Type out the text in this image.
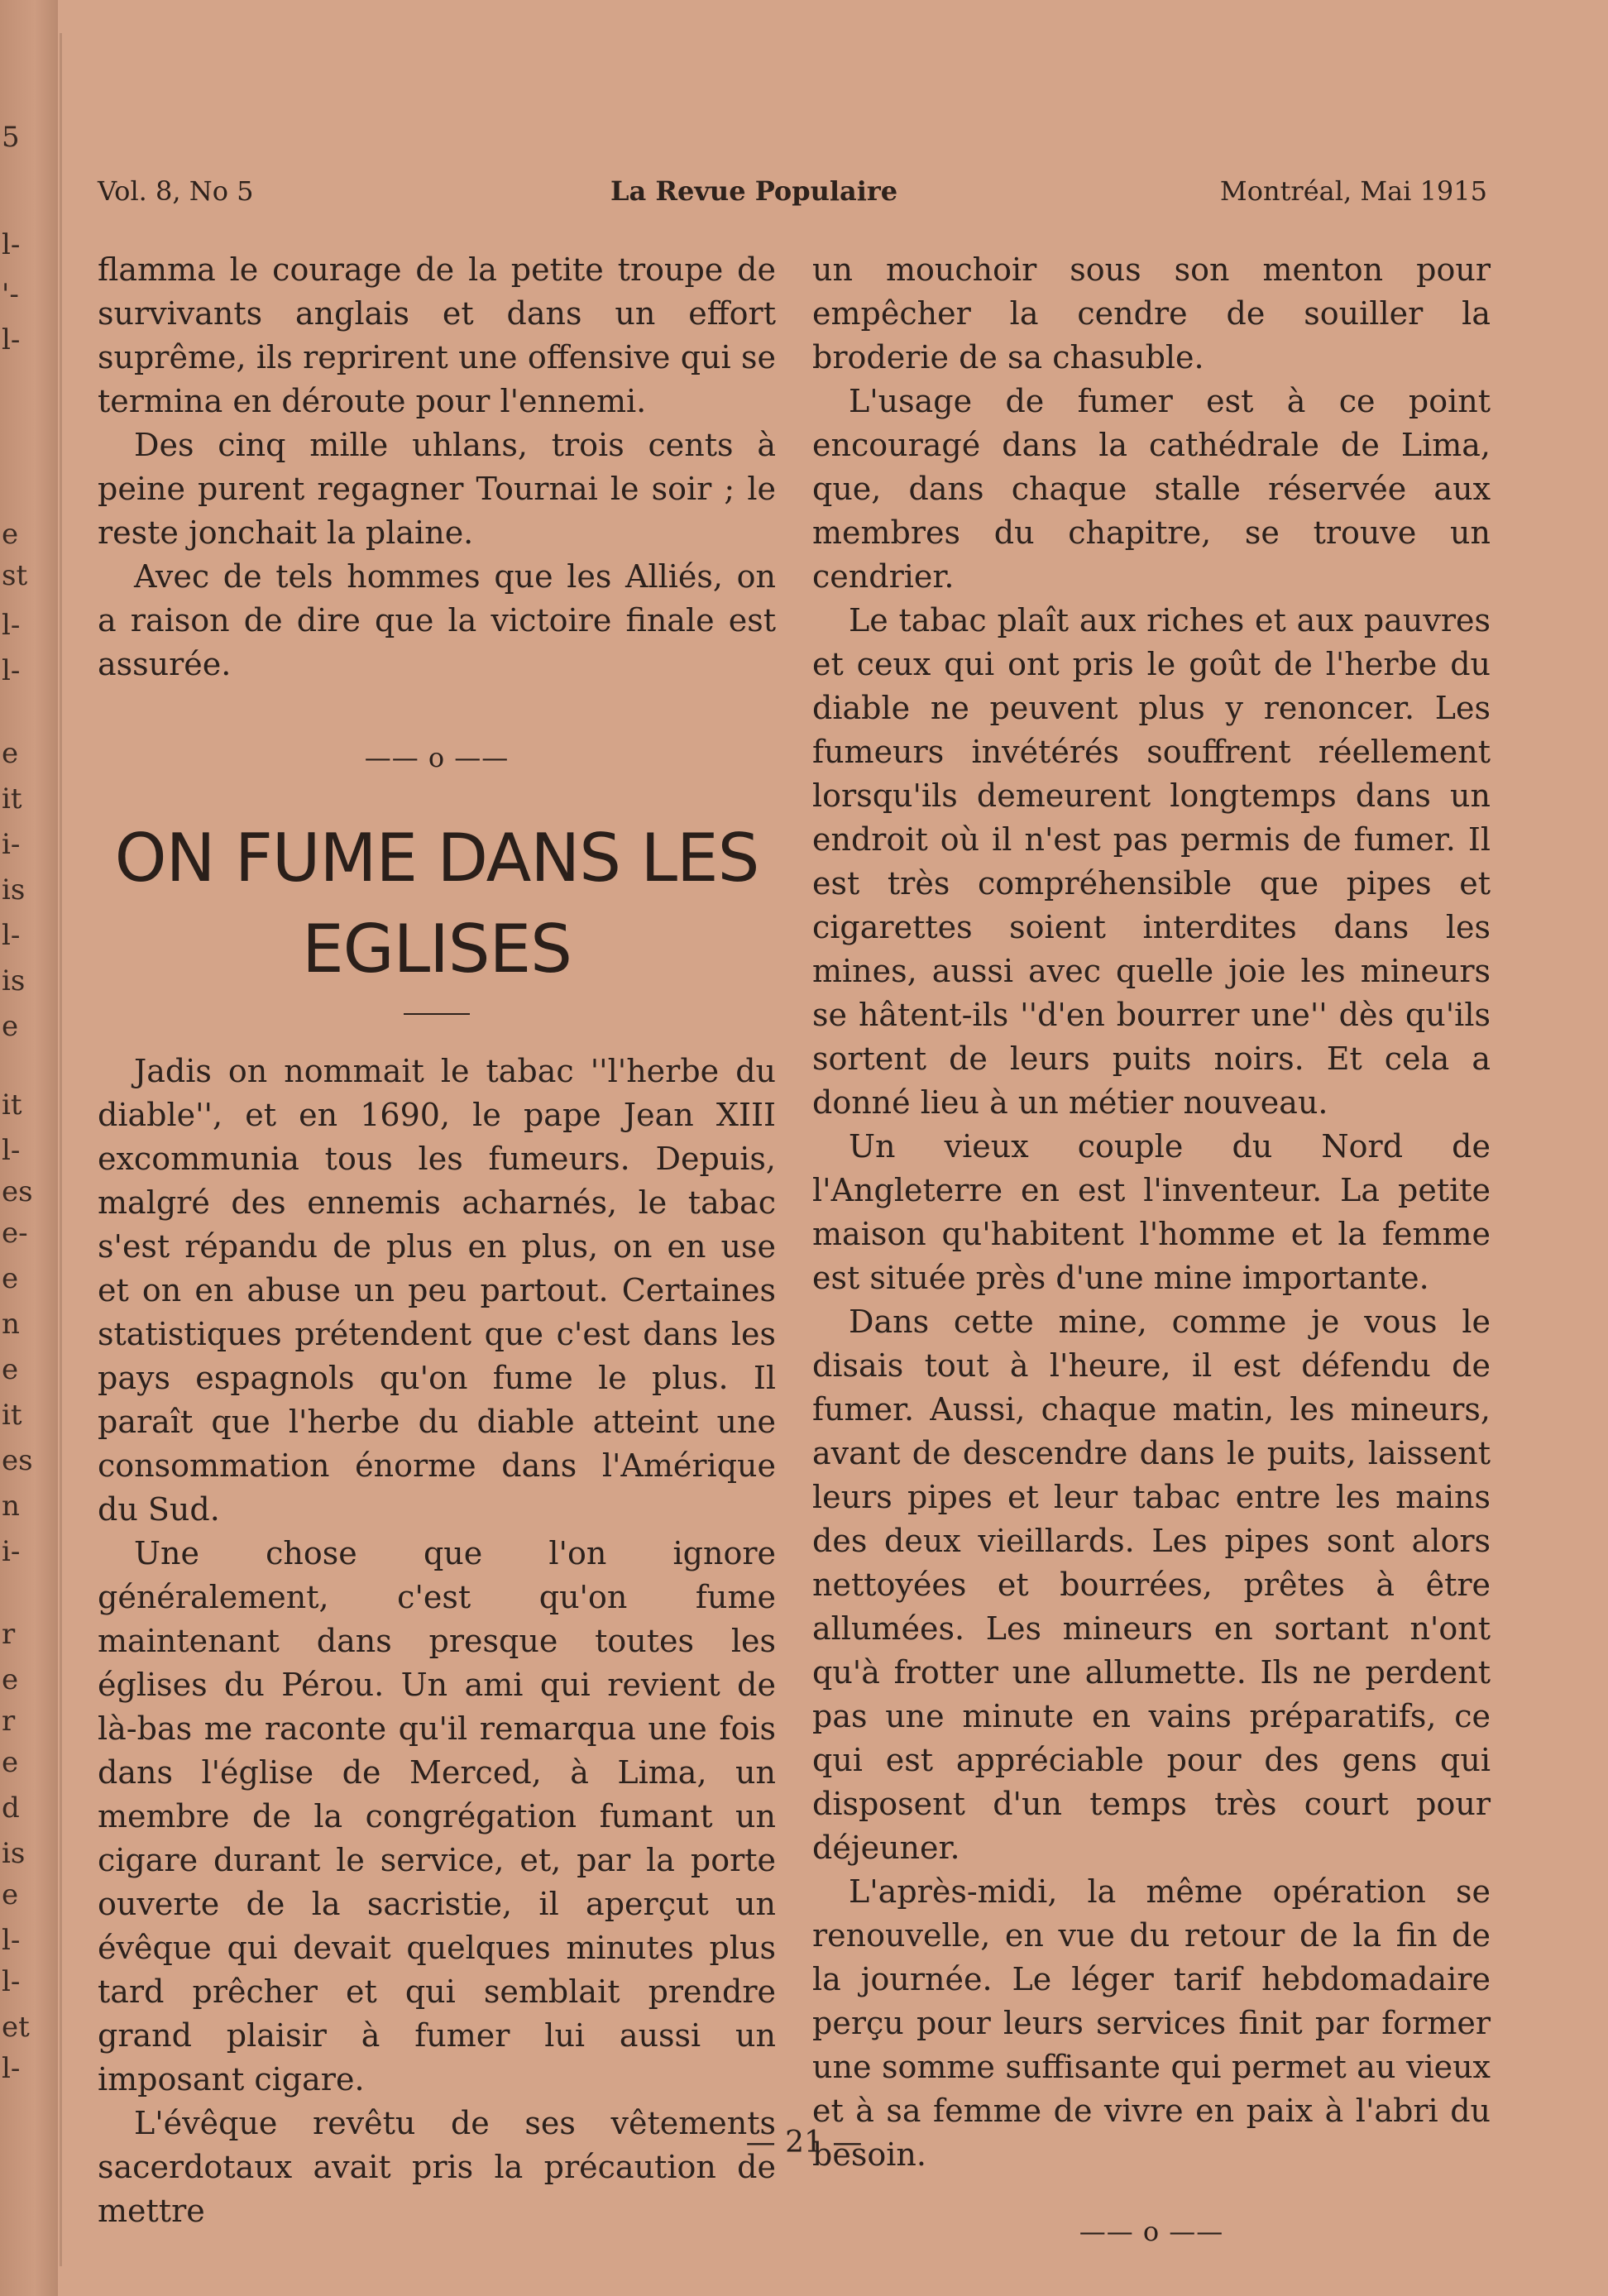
5
l-
'-
l-
e
st
l-
l-
e
it
i-
is
l-
is
e
it
l-
es
e-
e
n
e
it
es
n
i-
r
e
r
e
d
is
e
l-
l-
et
l-
Vol. 8, No 5	La Revue Populaire	Montréal, Mai 1915

flamma le courage de la petite troupe de survivants anglais et dans un effort suprême, ils reprirent une offensive qui se termina en déroute pour l'ennemi.

Des cinq mille uhlans, trois cents à peine purent regagner Tournai le soir ; le reste jonchait la plaine.

Avec de tels hommes que les Alliés, on a raison de dire que la victoire finale est assurée.

—— o ——
ON FUME DANS LES EGLISES

Jadis on nommait le tabac ''l'herbe du diable'', et en 1690, le pape Jean XIII excommunia tous les fumeurs. Depuis, malgré des ennemis acharnés, le tabac s'est répandu de plus en plus, on en use et on en abuse un peu partout. Certaines statistiques prétendent que c'est dans les pays espagnols qu'on fume le plus. Il paraît que l'herbe du diable atteint une consommation énorme dans l'Amérique du Sud.

Une chose que l'on ignore généralement, c'est qu'on fume maintenant dans presque toutes les églises du Pérou. Un ami qui revient de là-bas me raconte qu'il remarqua une fois dans l'église de Merced, à Lima, un membre de la congrégation fumant un cigare durant le service, et, par la porte ouverte de la sacristie, il aperçut un évêque qui devait quelques minutes plus tard prêcher et qui semblait prendre grand plaisir à fumer lui aussi un imposant cigare.

L'évêque revêtu de ses vêtements sacerdotaux avait pris la précaution de mettre

un mouchoir sous son menton pour empêcher la cendre de souiller la broderie de sa chasuble.

L'usage de fumer est à ce point encouragé dans la cathédrale de Lima, que, dans chaque stalle réservée aux membres du chapitre, se trouve un cendrier.

Le tabac plaît aux riches et aux pauvres et ceux qui ont pris le goût de l'herbe du diable ne peuvent plus y renoncer. Les fumeurs invétérés souffrent réellement lorsqu'ils demeurent longtemps dans un endroit où il n'est pas permis de fumer. Il est très compréhensible que pipes et cigarettes soient interdites dans les mines, aussi avec quelle joie les mineurs se hâtent-ils ''d'en bourrer une'' dès qu'ils sortent de leurs puits noirs. Et cela a donné lieu à un métier nouveau.

Un vieux couple du Nord de l'Angleterre en est l'inventeur. La petite maison qu'habitent l'homme et la femme est située près d'une mine importante.

Dans cette mine, comme je vous le disais tout à l'heure, il est défendu de fumer. Aussi, chaque matin, les mineurs, avant de descendre dans le puits, laissent leurs pipes et leur tabac entre les mains des deux vieillards. Les pipes sont alors nettoyées et bourrées, prêtes à être allumées. Les mineurs en sortant n'ont qu'à frotter une allumette. Ils ne perdent pas une minute en vains préparatifs, ce qui est appréciable pour des gens qui disposent d'un temps très court pour déjeuner.

L'après-midi, la même opération se renouvelle, en vue du retour de la fin de la journée. Le léger tarif hebdomadaire perçu pour leurs services finit par former une somme suffisante qui permet au vieux et à sa femme de vivre en paix à l'abri du besoin.

—— o ——
— 21 —
